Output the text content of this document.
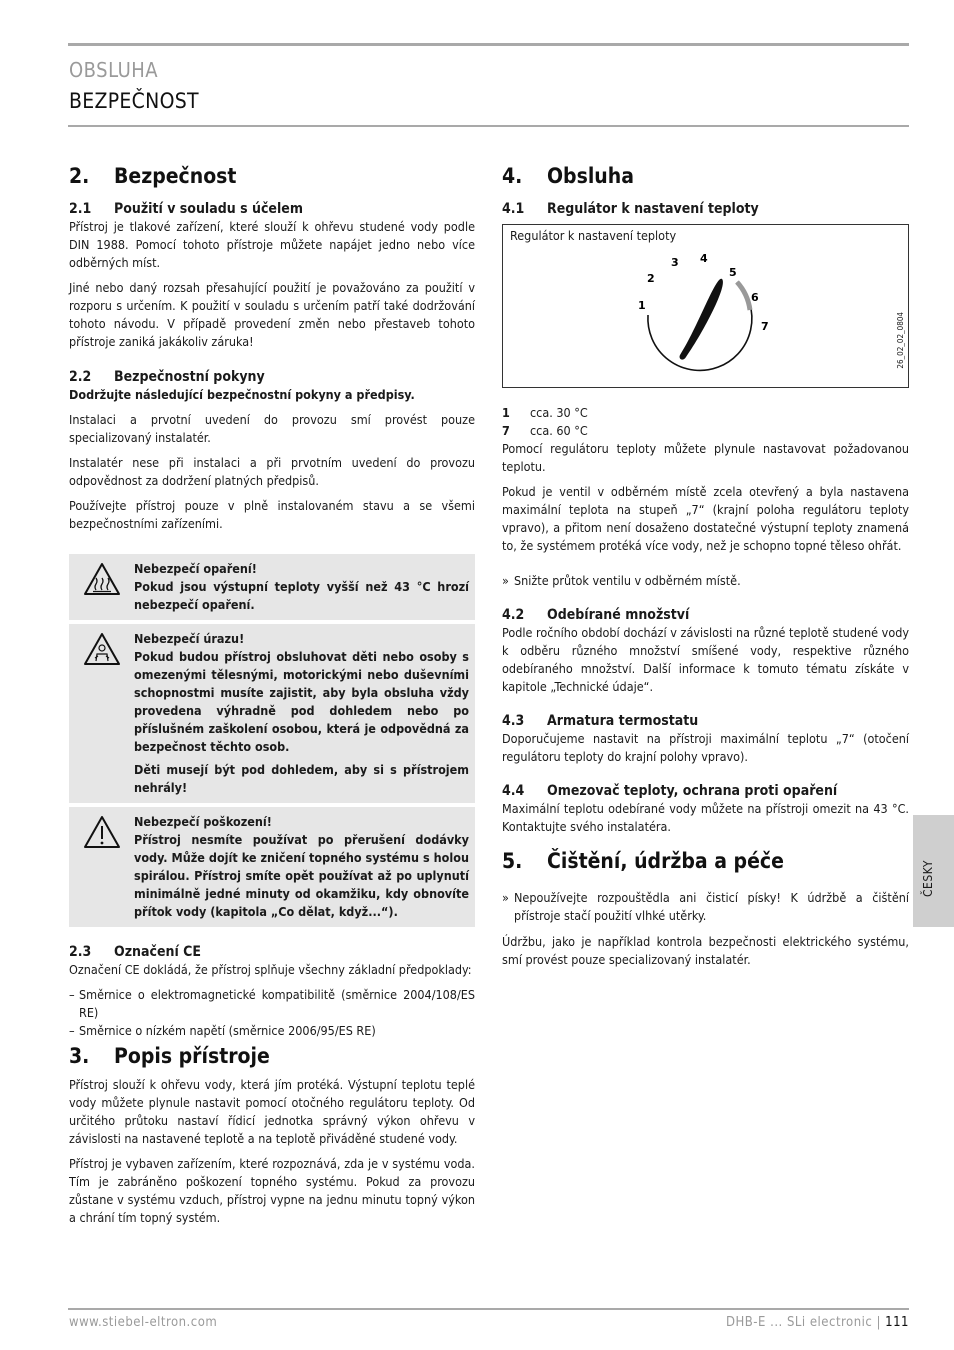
OBSLUHA
BEZPEČNOST
2.	Bezpečnost
2.1	Použití v souladu s účelem

Přístroj je tlakové zařízení, které slouží k ohřevu studené vody podle DIN 1988. Pomocí tohoto přístroje můžete napájet jedno nebo více odběrných míst.

Jiné nebo daný rozsah přesahující použití je považováno za použití v rozporu s určením. K použití v souladu s určením patří také dodržování tohoto návodu. V případě provedení změn nebo přestaveb tohoto přístroje zaniká jakákoliv záruka!

2.2	Bezpečnostní pokyny

Dodržujte následující bezpečnostní pokyny a předpisy.

Instalaci a prvotní uvedení do provozu smí provést pouze specializovaný instalatér.

Instalatér nese při instalaci a při prvotním uvedení do provozu odpovědnost za dodržení platných předpisů.

Používejte přístroj pouze v plně instalovaném stavu a se všemi bezpečnostními zařízeními.

Nebezpečí opaření!
Pokud jsou výstupní teploty vyšší než 43 °C hrozí nebezpečí opaření.
Nebezpečí úrazu!

Pokud budou přístroj obsluhovat děti nebo osoby s omezenými tělesnými, motorickými nebo duševními schopnostmi musíte zajistit, aby byla obsluha vždy provedena výhradně pod dohledem nebo po příslušném zaškolení osobou, která je odpovědná za bezpečnost těchto osob.

Děti musejí být pod dohledem, aby si s přístrojem nehrály!

Nebezpečí poškození!
Přístroj nesmíte používat po přerušení dodávky vody. Může dojít ke zničení topného systému s holou spirálou. Přístroj smíte opět používat až po uplynutí minimálně jedné minuty od okamžiku, kdy obnovíte přítok vody (kapitola „Co dělat, když...“).
2.3	Označení CE

Označení CE dokládá, že přístroj splňuje všechny základní předpoklady:

– Směrnice o elektromagnetické kompatibilitě (směrnice 2004/108/ES RE)
– Směrnice o nízkém napětí (směrnice 2006/95/ES RE)
3.	Popis přístroje

Přístroj slouží k ohřevu vody, která jím protéká. Výstupní teplotu teplé vody můžete plynule nastavit pomocí otočného regulátoru teploty. Od určitého průtoku nastaví řídicí jednotka správný výkon ohřevu v závislosti na nastavené teplotě a na teplotě přiváděné studené vody.

Přístroj je vybaven zařízením, které rozpoznává, zda je v systému voda. Tím je zabráněno poškození topného systému. Pokud za provozu zůstane v systému vzduch, přístroj vypne na jednu minutu topný výkon a chrání tím topný systém.

4.	Obsluha
4.1	Regulátor k nastavení teploty
Regulátor k nastavení teploty
1
2
3 4
5
6
7	26_02_02_0804
1	cca. 30 °C
7	cca. 60 °C

Pomocí regulátoru teploty můžete plynule nastavovat požadovanou teplotu.

Pokud je ventil v odběrném místě zcela otevřený a byla nastavena maximální teplota na stupeň „7“ (krajní poloha regulátoru teploty vpravo), a přitom není dosaženo dostatečné výstupní teploty znamená to, že systémem protéká více vody, než je schopno topné těleso ohřát.

» Snižte průtok ventilu v odběrném místě.
4.2	Odebírané množství

Podle ročního období dochází v závislosti na různé teplotě studené vody k odběru různého množství smíšené vody, respektive různého odebíraného množství. Další informace k tomuto tématu získáte v kapitole „Technické údaje“.

4.3	Armatura termostatu

Doporučujeme nastavit na přístroji maximální teplotu „7“ (otočení regulátoru teploty do krajní polohy vpravo).

4.4	Omezovač teploty, ochrana proti opaření

Maximální teplotu odebírané vody můžete na přístroji omezit na 43 °C. Kontaktujte svého instalatéra.

5.	Čištění, údržba a péče
» Nepoužívejte rozpouštědla ani čisticí písky! K údržbě a čištění přístroje stačí použití vlhké utěrky.

Údržbu, jako je například kontrola bezpečnosti elektrického systému, smí provést pouze specializovaný instalatér.

ČESKY
www.stiebel-eltron.com	DHB-E ... SLi electronic | 111
